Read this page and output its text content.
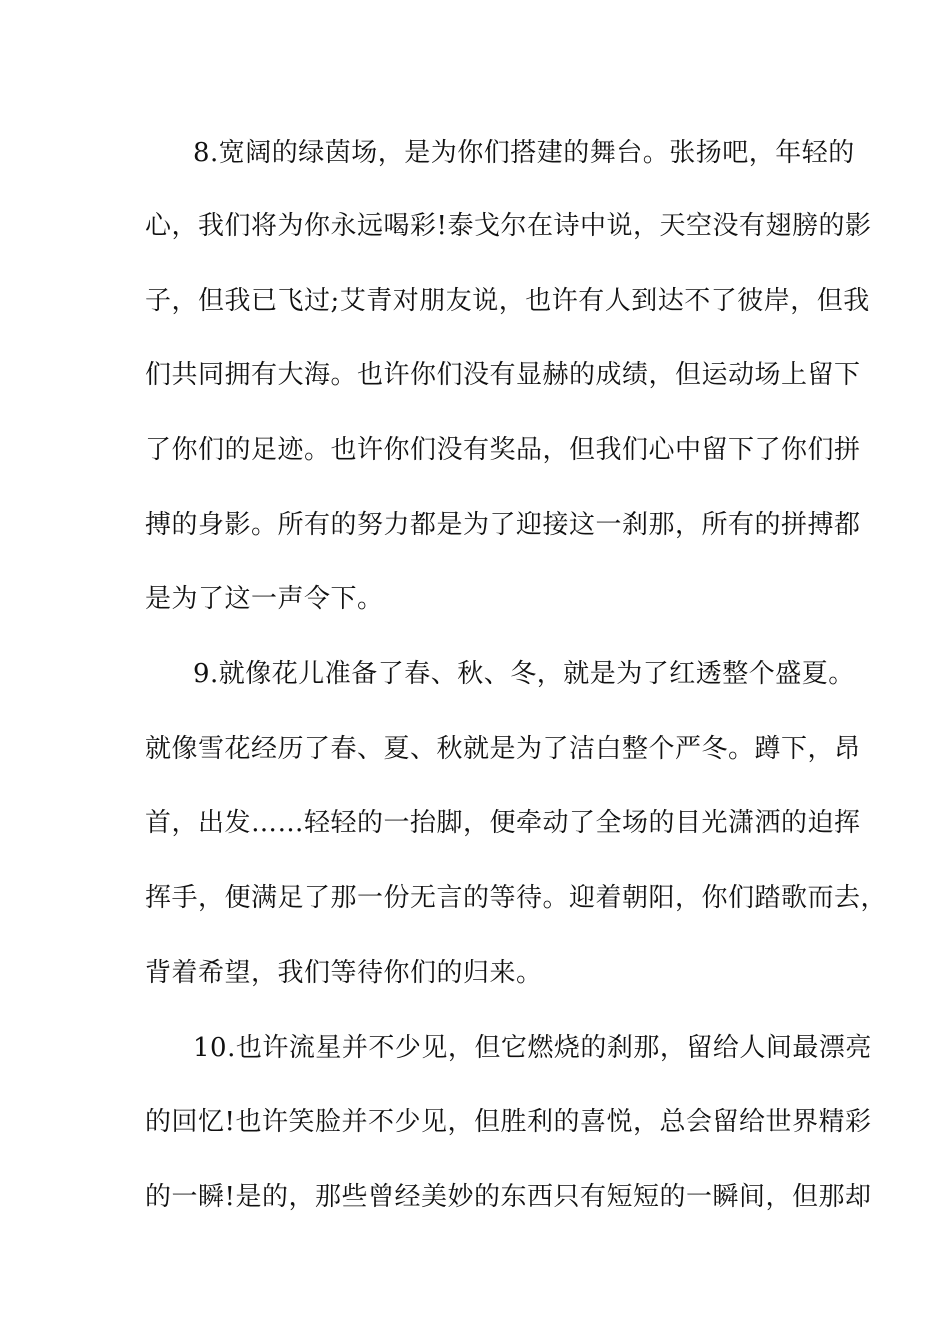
8.宽阔的绿茵场，是为你们搭建的舞台。张扬吧，年轻的
心，我们将为你永远喝彩!泰戈尔在诗中说，天空没有翅膀的影
子，但我已飞过;艾青对朋友说，也许有人到达不了彼岸，但我
们共同拥有大海。也许你们没有显赫的成绩，但运动场上留下
了你们的足迹。也许你们没有奖品，但我们心中留下了你们拼
搏的身影。所有的努力都是为了迎接这一刹那，所有的拼搏都
是为了这一声令下。
9.就像花儿准备了春、秋、冬，就是为了红透整个盛夏。
就像雪花经历了春、夏、秋就是为了洁白整个严冬。蹲下，昂
首，出发……轻轻的一抬脚，便牵动了全场的目光潇洒的迫挥
挥手，便满足了那一份无言的等待。迎着朝阳，你们踏歌而去，
背着希望，我们等待你们的归来。
10.也许流星并不少见，但它燃烧的刹那，留给人间最漂亮
的回忆!也许笑脸并不少见，但胜利的喜悦，总会留给世界精彩
的一瞬!是的，那些曾经美妙的东西只有短短的一瞬间，但那却
